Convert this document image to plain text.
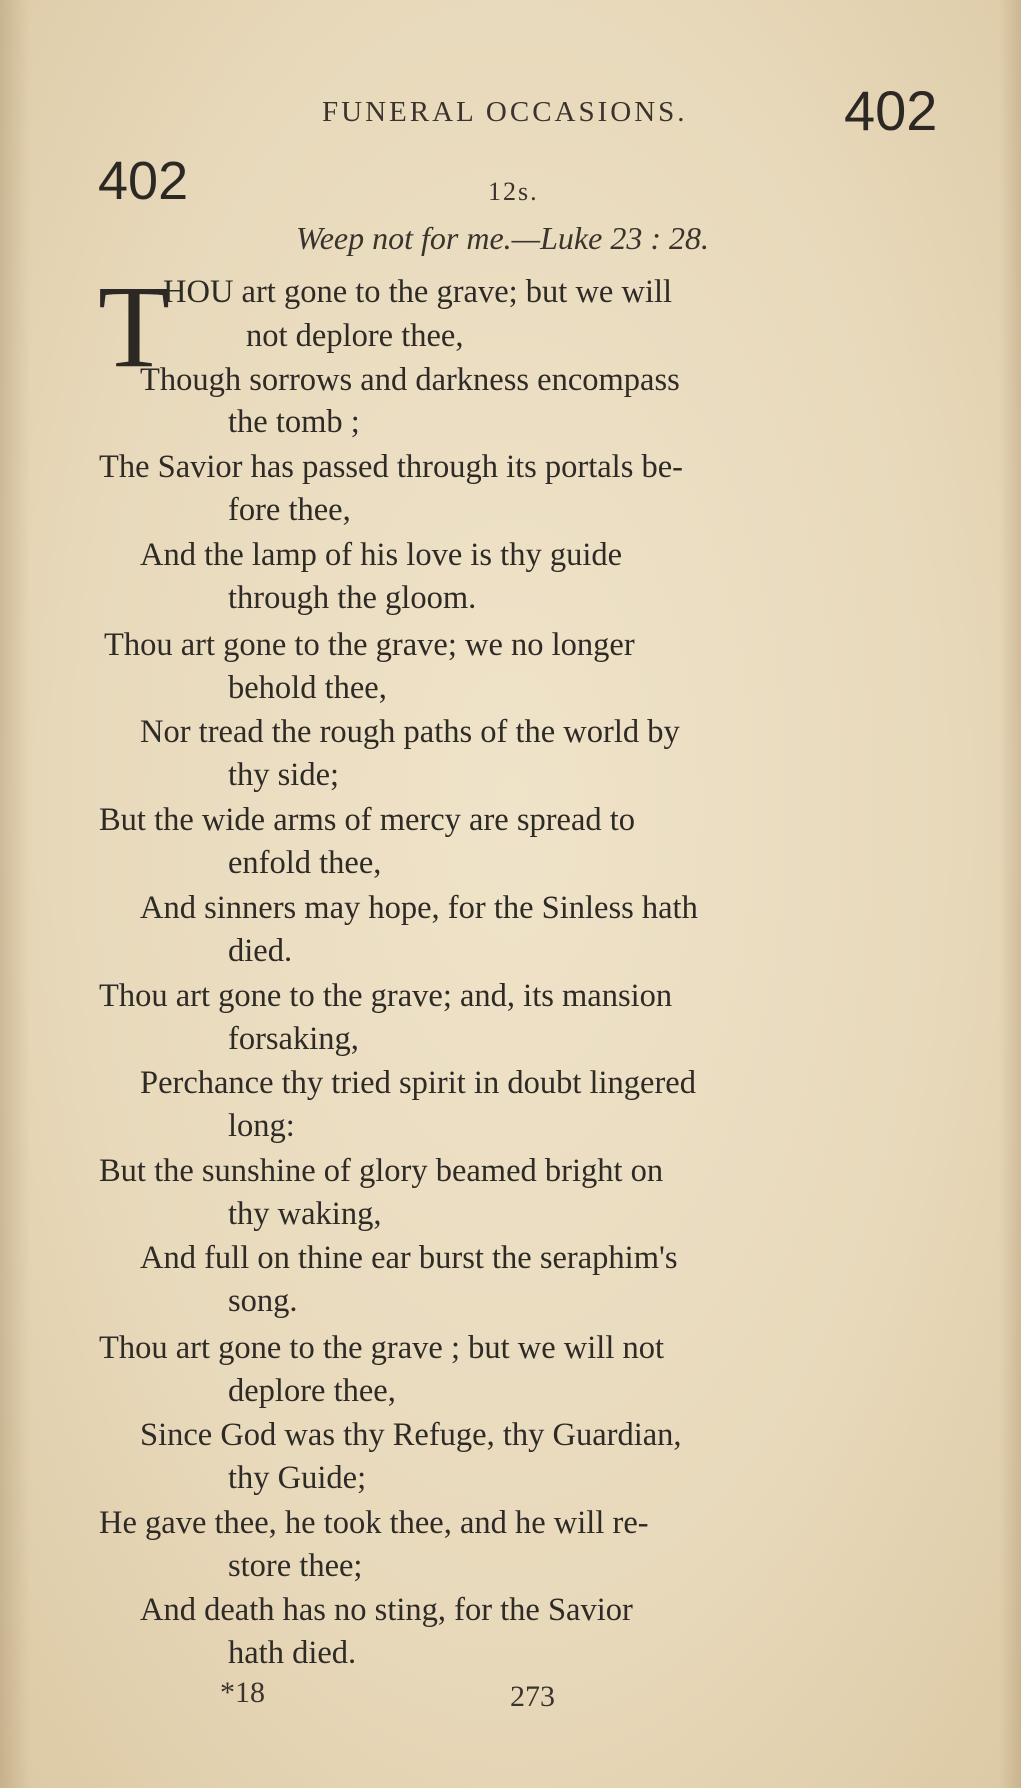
FUNERAL OCCASIONS.	402
402	12s.
Weep not for me.—Luke 23 : 28.
T
HOU art gone to the grave; but we will
not deplore thee,
Though sorrows and darkness encompass
the tomb ;
The Savior has passed through its portals be-
fore thee,
And the lamp of his love is thy guide
through the gloom.
Thou art gone to the grave; we no longer
behold thee,
Nor tread the rough paths of the world by
thy side;
But the wide arms of mercy are spread to
enfold thee,
And sinners may hope, for the Sinless hath
died.
Thou art gone to the grave; and, its mansion
forsaking,
Perchance thy tried spirit in doubt lingered
long:
But the sunshine of glory beamed bright on
thy waking,
And full on thine ear burst the seraphim's
song.
Thou art gone to the grave ; but we will not
deplore thee,
Since God was thy Refuge, thy Guardian,
thy Guide;
He gave thee, he took thee, and he will re-
store thee;
And death has no sting, for the Savior
hath died.
*18	273
